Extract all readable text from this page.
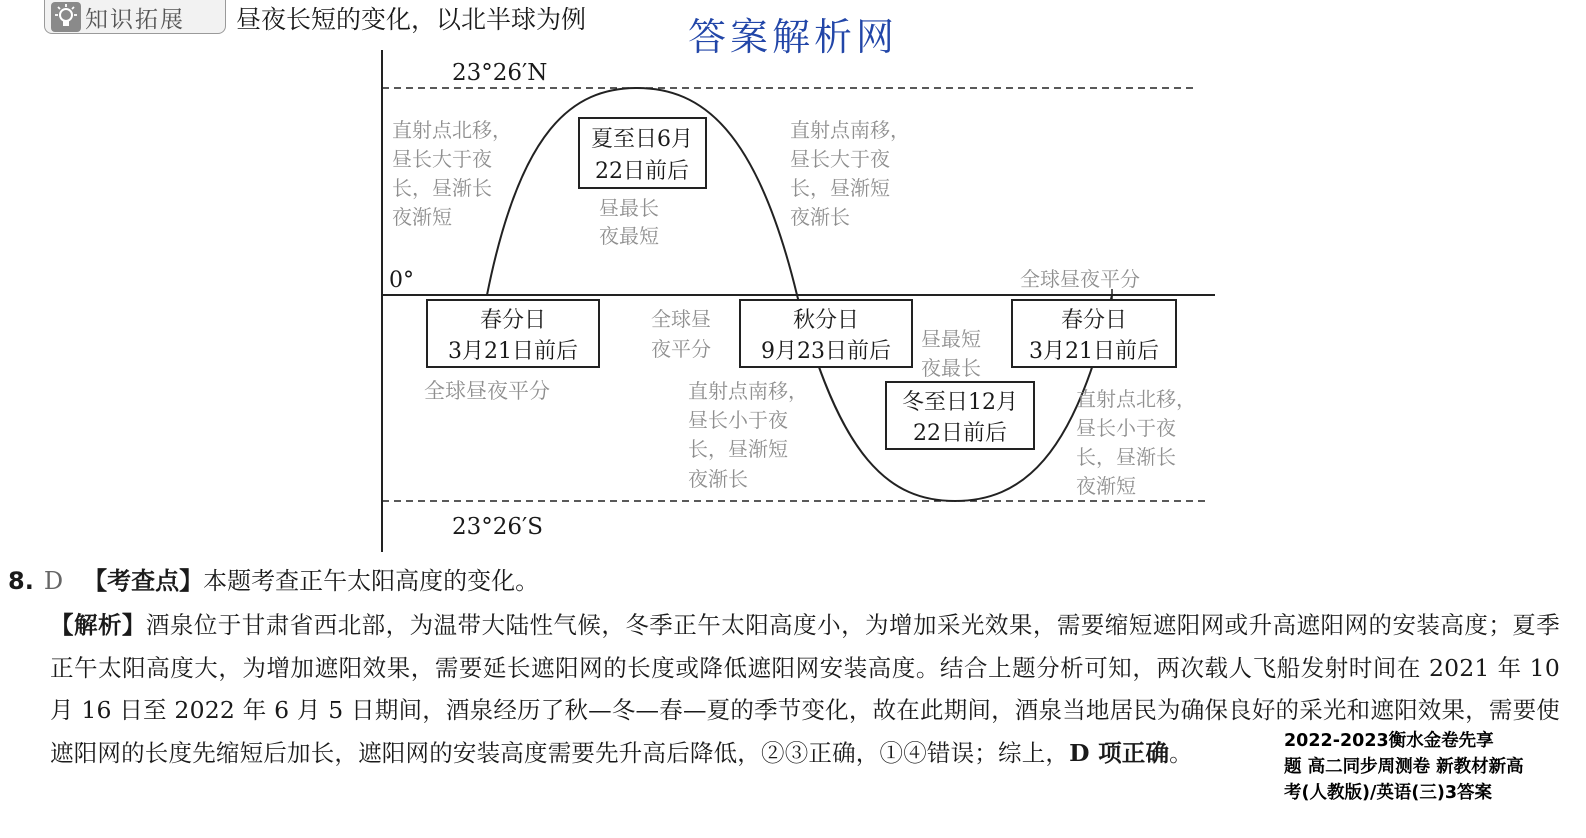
知识拓展 昼夜长短的变化，以北半球为例	答案解析网
23°26′N
0°
23°26′S
夏至日6月
22日前后
春分日
3月21日前后
秋分日
9月23日前后
冬至日12月
22日前后
春分日
3月21日前后
直射点北移，
昼长大于夜
长，昼渐长
夜渐短	昼最长
夜最短
直射点南移，
昼长大于夜
长，昼渐短
夜渐长
全球昼夜平分
全球昼
夜平分
全球昼夜平分
昼最短
夜最长
直射点南移，
昼长小于夜
长，昼渐短
夜渐长
直射点北移，
昼长小于夜
长，昼渐长
夜渐短
8. D 【考查点】本题考查正午太阳高度的变化。
【解析】酒泉位于甘肃省西北部，为温带大陆性气候，冬季正午太阳高度小，为增加采光效果，需要缩短遮阳网或升高遮阳网的安装高度；夏季正午太阳高度大，为增加遮阳效果，需要延长遮阳网的长度或降低遮阳网安装高度。结合上题分析可知，两次载人飞船发射时间在 2021 年 10 月 16 日至 2022 年 6 月 5 日期间，酒泉经历了秋—冬—春—夏的季节变化，故在此期间，酒泉当地居民为确保良好的采光和遮阳效果，需要使遮阳网的长度先缩短后加长，遮阳网的安装高度需要先升高后降低，②③正确，①④错误；综上，D 项正确。	2022-2023衡水金卷先享
题 高二同步周测卷 新教材新高
考(人教版)/英语(三)3答案
